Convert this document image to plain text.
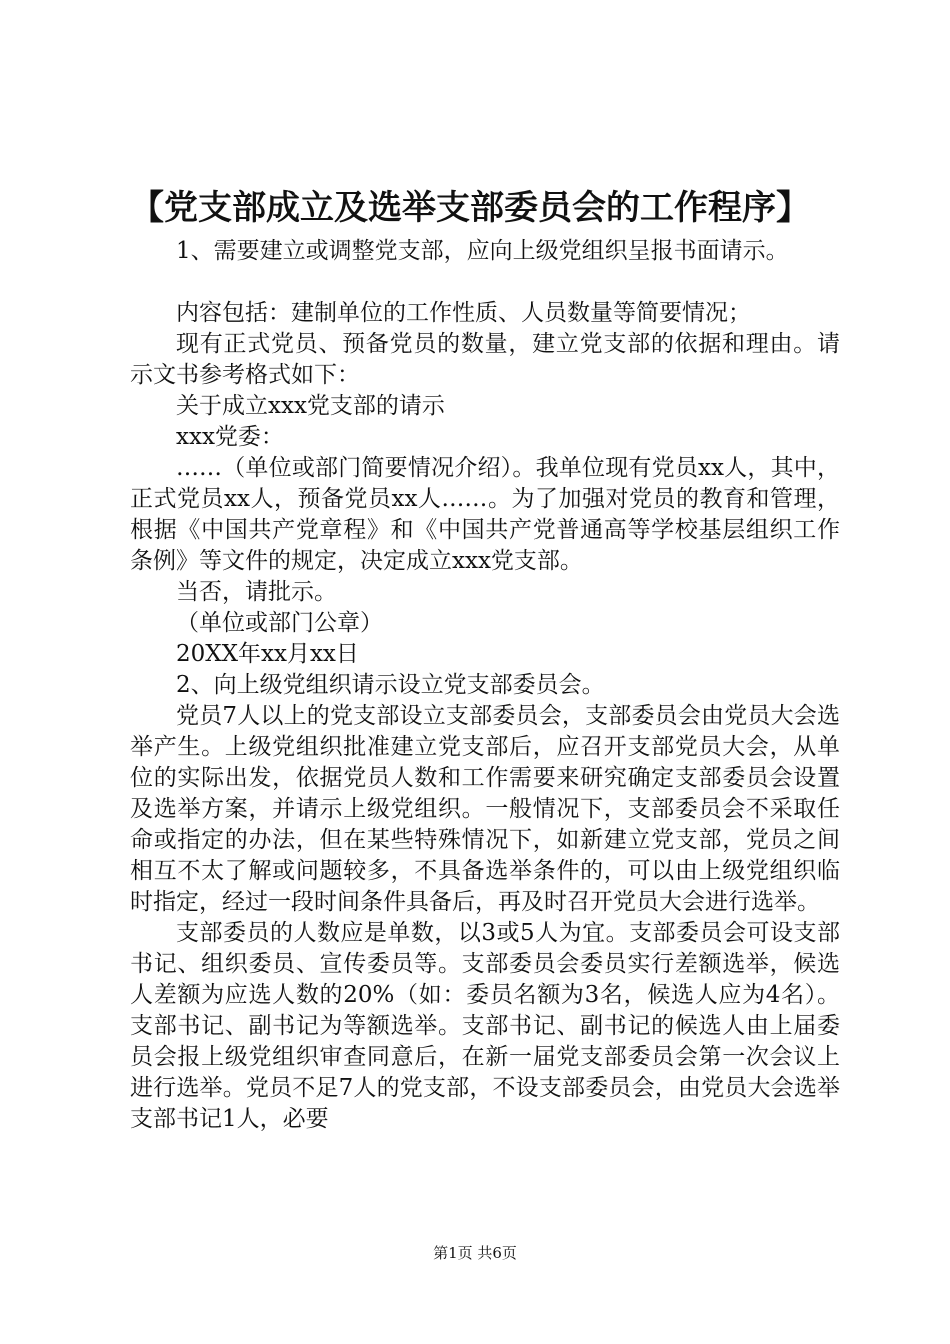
【党支部成立及选举支部委员会的工作程序】

1、需要建立或调整党支部，应向上级党组织呈报书面请示。

内容包括：建制单位的工作性质、人员数量等简要情况；

现有正式党员、预备党员的数量，建立党支部的依据和理由。请示文书参考格式如下：

关于成立xxx党支部的请示

xxx党委：

……（单位或部门简要情况介绍）。我单位现有党员xx人，其中，正式党员xx人，预备党员xx人……。为了加强对党员的教育和管理，根据《中国共产党章程》和《中国共产党普通高等学校基层组织工作条例》等文件的规定，决定成立xxx党支部。

当否，请批示。

（单位或部门公章）

20XX年xx月xx日

2、向上级党组织请示设立党支部委员会。

党员7人以上的党支部设立支部委员会，支部委员会由党员大会选举产生。上级党组织批准建立党支部后，应召开支部党员大会，从单位的实际出发，依据党员人数和工作需要来研究确定支部委员会设置及选举方案，并请示上级党组织。一般情况下，支部委员会不采取任命或指定的办法，但在某些特殊情况下，如新建立党支部，党员之间相互不太了解或问题较多，不具备选举条件的，可以由上级党组织临时指定，经过一段时间条件具备后，再及时召开党员大会进行选举。

支部委员的人数应是单数，以3或5人为宜。支部委员会可设支部书记、组织委员、宣传委员等。支部委员会委员实行差额选举，候选人差额为应选人数的20%（如：委员名额为3名，候选人应为4名）。支部书记、副书记为等额选举。支部书记、副书记的候选人由上届委员会报上级党组织审查同意后，在新一届党支部委员会第一次会议上进行选举。党员不足7人的党支部，不设支部委员会，由党员大会选举支部书记1人，必要

第1页 共6页
